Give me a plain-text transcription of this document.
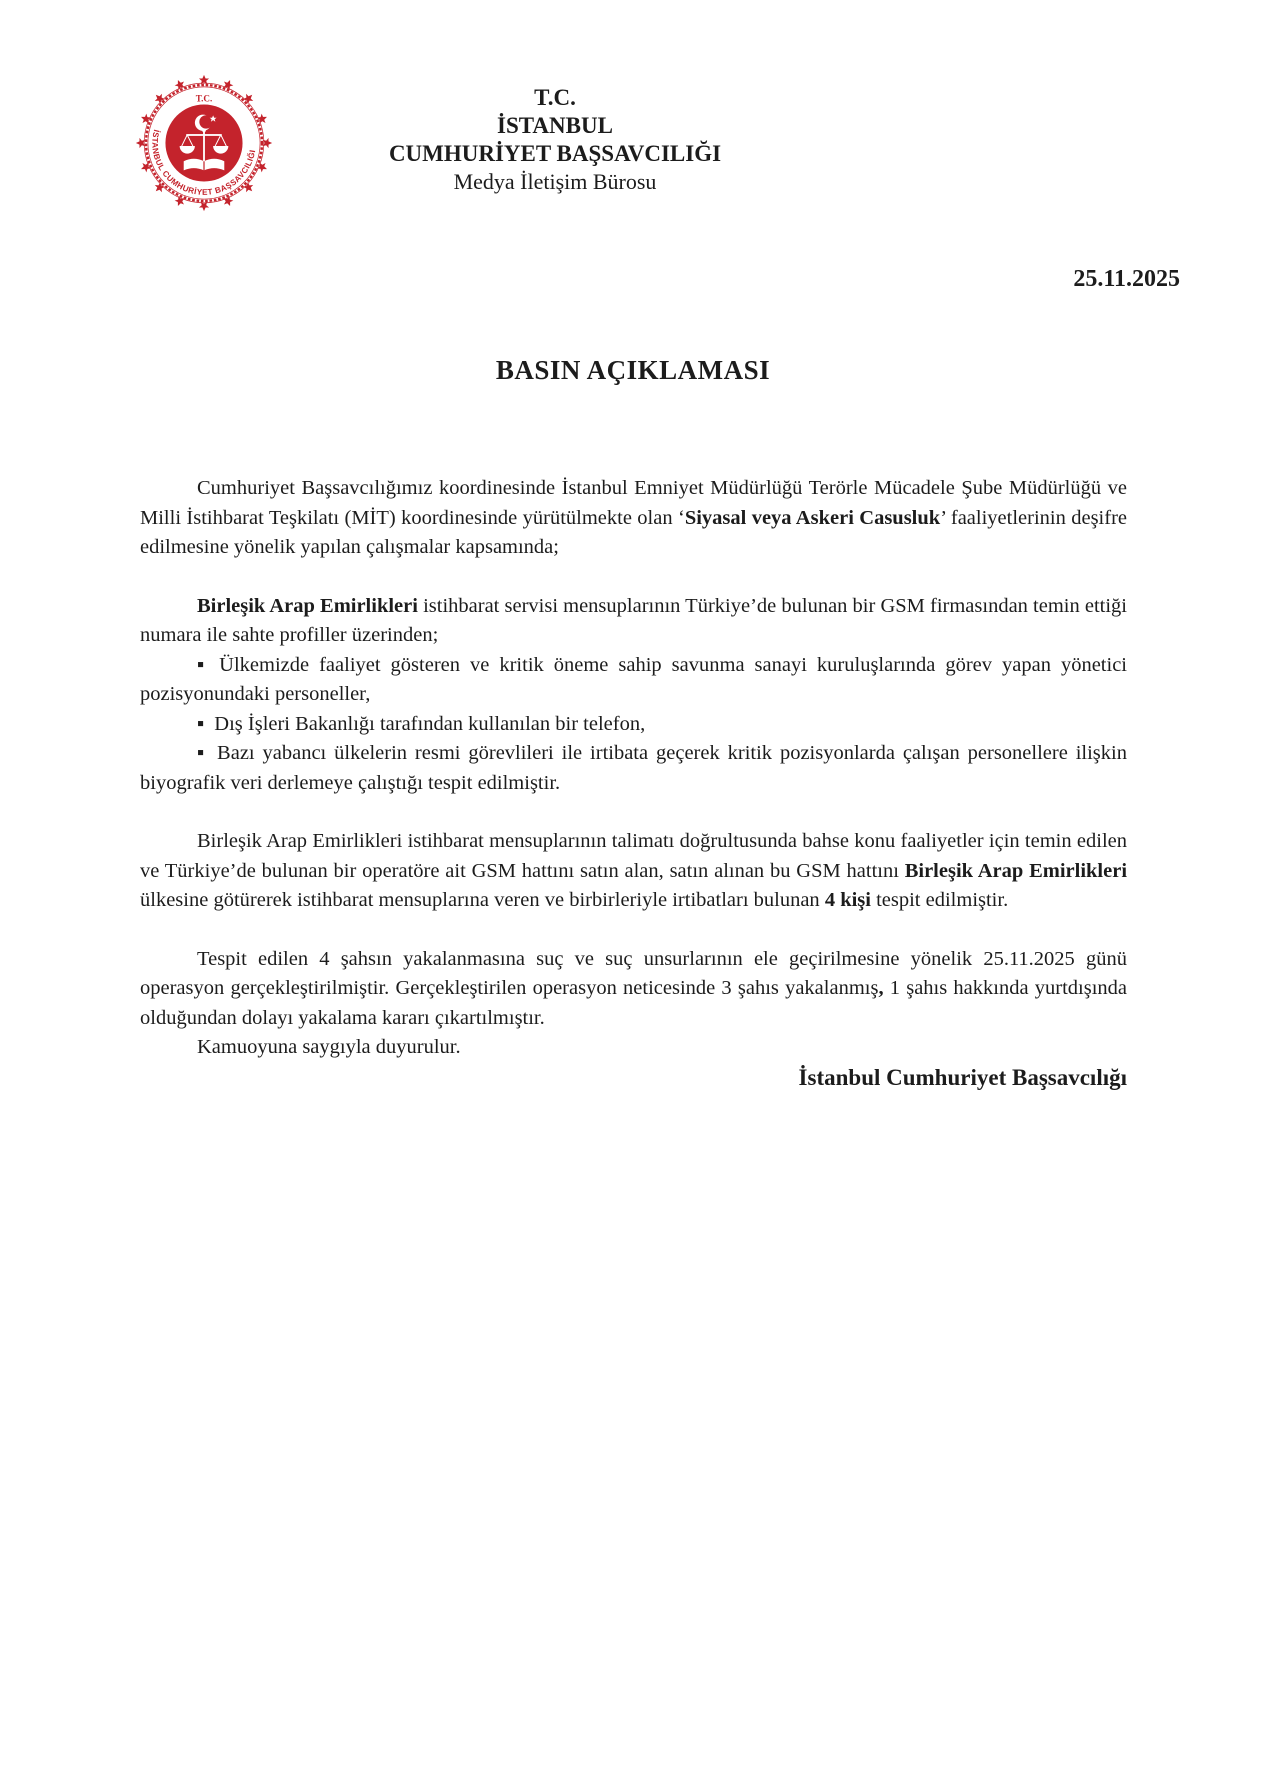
T.C.
İSTANBUL CUMHURİYET BAŞSAVCILIĞI
T.C.
İSTANBUL
CUMHURİYET BAŞSAVCILIĞI
Medya İletişim Bürosu
25.11.2025
BASIN AÇIKLAMASI

Cumhuriyet Başsavcılığımız koordinesinde İstanbul Emniyet Müdürlüğü Terörle Mücadele Şube Müdürlüğü ve Milli İstihbarat Teşkilatı (MİT) koordinesinde yürütülmekte olan ‘Siyasal veya Askeri Casusluk’ faaliyetlerinin deşifre edilmesine yönelik yapılan çalışmalar kapsamında;

Birleşik Arap Emirlikleri istihbarat servisi mensuplarının Türkiye’de bulunan bir GSM firmasından temin ettiği numara ile sahte profiller üzerinden;

▪ Ülkemizde faaliyet gösteren ve kritik öneme sahip savunma sanayi kuruluşlarında görev yapan yönetici pozisyonundaki personeller,

▪ Dış İşleri Bakanlığı tarafından kullanılan bir telefon,

▪ Bazı yabancı ülkelerin resmi görevlileri ile irtibata geçerek kritik pozisyonlarda çalışan personellere ilişkin biyografik veri derlemeye çalıştığı tespit edilmiştir.

Birleşik Arap Emirlikleri istihbarat mensuplarının talimatı doğrultusunda bahse konu faaliyetler için temin edilen ve Türkiye’de bulunan bir operatöre ait GSM hattını satın alan, satın alınan bu GSM hattını Birleşik Arap Emirlikleri ülkesine götürerek istihbarat mensuplarına veren ve birbirleriyle irtibatları bulunan 4 kişi tespit edilmiştir.

Tespit edilen 4 şahsın yakalanmasına suç ve suç unsurlarının ele geçirilmesine yönelik 25.11.2025 günü operasyon gerçekleştirilmiştir. Gerçekleştirilen operasyon neticesinde 3 şahıs yakalanmış, 1 şahıs hakkında yurtdışında olduğundan dolayı yakalama kararı çıkartılmıştır.

Kamuoyuna saygıyla duyurulur.

İstanbul Cumhuriyet Başsavcılığı
